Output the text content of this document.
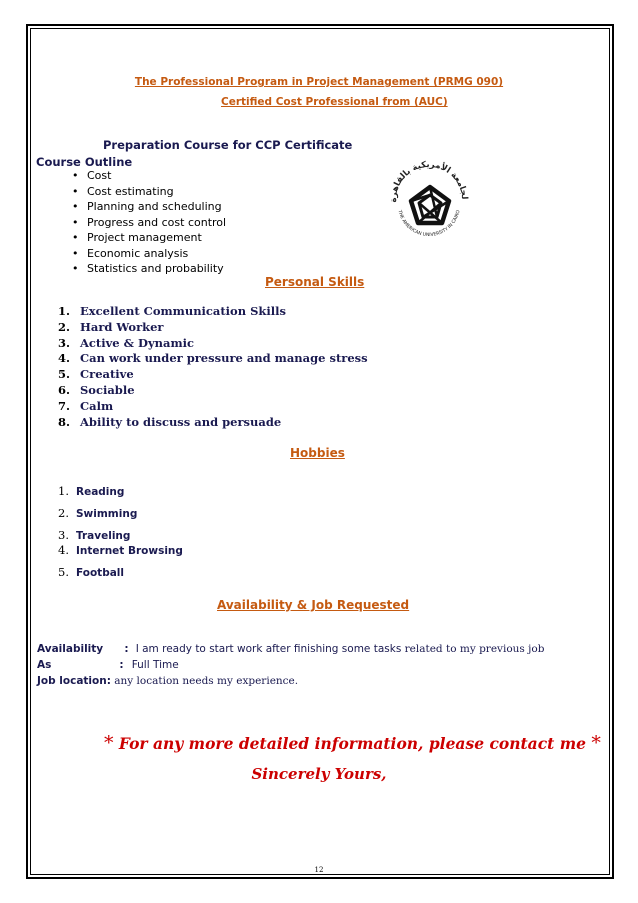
The Professional Program in Project Management (PRMG 090)
Certified Cost Professional from (AUC)
Preparation Course for CCP Certificate
Course Outline
• Cost
• Cost estimating
• Planning and scheduling
• Progress and cost control
• Project management
• Economic analysis
• Statistics and probability
لجامعة الأمريكية بالقاهرة
THE AMERICAN UNIVERSITY IN CAIRO
Personal Skills
1. Excellent Communication Skills
2. Hard Worker
3. Active & Dynamic
4. Can work under pressure and manage stress
5. Creative
6. Sociable
7. Calm
8. Ability to discuss and persuade
Hobbies
1. Reading
2. Swimming
3. Traveling
4. Internet Browsing
5. Football
Availability & Job Requested
Availability : I am ready to start work after finishing some tasks related to my previous job
As	: Full Time
Job location: any location needs my experience.
* For any more detailed information, please contact me *
Sincerely Yours,
12
